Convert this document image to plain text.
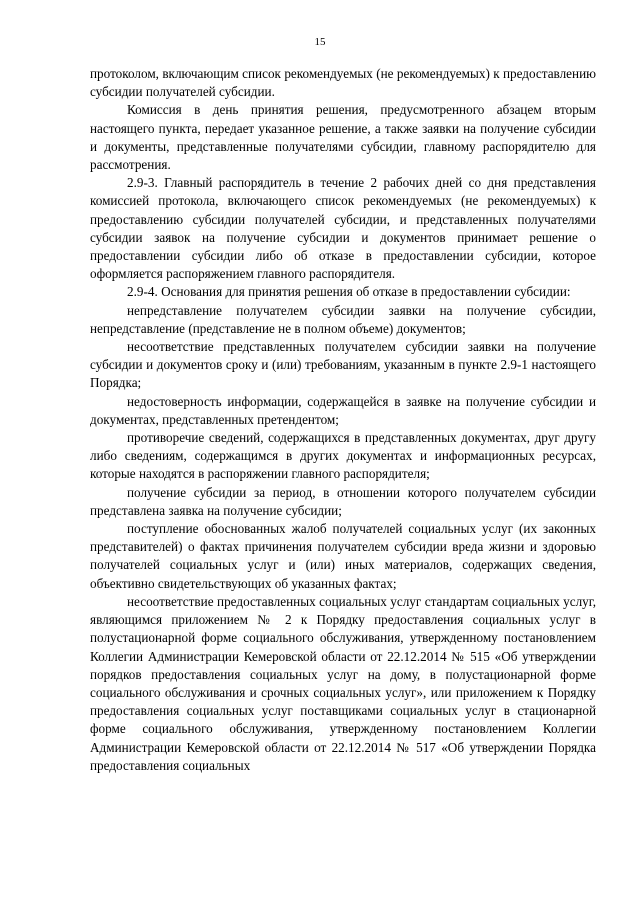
15

протоколом, включающим список рекомендуемых (не рекомендуемых) к предоставлению субсидии получателей субсидии.

Комиссия в день принятия решения, предусмотренного абзацем вторым настоящего пункта, передает указанное решение, а также заявки на получение субсидии и документы, представленные получателями субсидии, главному распорядителю для рассмотрения.

2.9-3. Главный распорядитель в течение 2 рабочих дней со дня представления комиссией протокола, включающего список рекомендуемых (не рекомендуемых) к предоставлению субсидии получателей субсидии, и представленных получателями субсидии заявок на получение субсидии и документов принимает решение о предоставлении субсидии либо об отказе в предоставлении субсидии, которое оформляется распоряжением главного распорядителя.

2.9-4. Основания для принятия решения об отказе в предоставлении субсидии:

непредставление получателем субсидии заявки на получение субсидии, непредставление (представление не в полном объеме) документов;

несоответствие представленных получателем субсидии заявки на получение субсидии и документов сроку и (или) требованиям, указанным в пункте 2.9-1 настоящего Порядка;

недостоверность информации, содержащейся в заявке на получение субсидии и документах, представленных претендентом;

противоречие сведений, содержащихся в представленных документах, друг другу либо сведениям, содержащимся в других документах и информационных ресурсах, которые находятся в распоряжении главного распорядителя;

получение субсидии за период, в отношении которого получателем субсидии представлена заявка на получение субсидии;

поступление обоснованных жалоб получателей социальных услуг (их законных представителей) о фактах причинения получателем субсидии вреда жизни и здоровью получателей социальных услуг и (или) иных материалов, содержащих сведения, объективно свидетельствующих об указанных фактах;

несоответствие предоставленных социальных услуг стандартам социальных услуг, являющимся приложением № 2 к Порядку предоставления социальных услуг в полустационарной форме социального обслуживания, утвержденному постановлением Коллегии Администрации Кемеровской области от 22.12.2014 № 515 «Об утверждении порядков предоставления социальных услуг на дому, в полустационарной форме социального обслуживания и срочных социальных услуг», или приложением к Порядку предоставления социальных услуг поставщиками социальных услуг в стационарной форме социального обслуживания, утвержденному постановлением Коллегии Администрации Кемеровской области от 22.12.2014 № 517 «Об утверждении Порядка предоставления социальных
